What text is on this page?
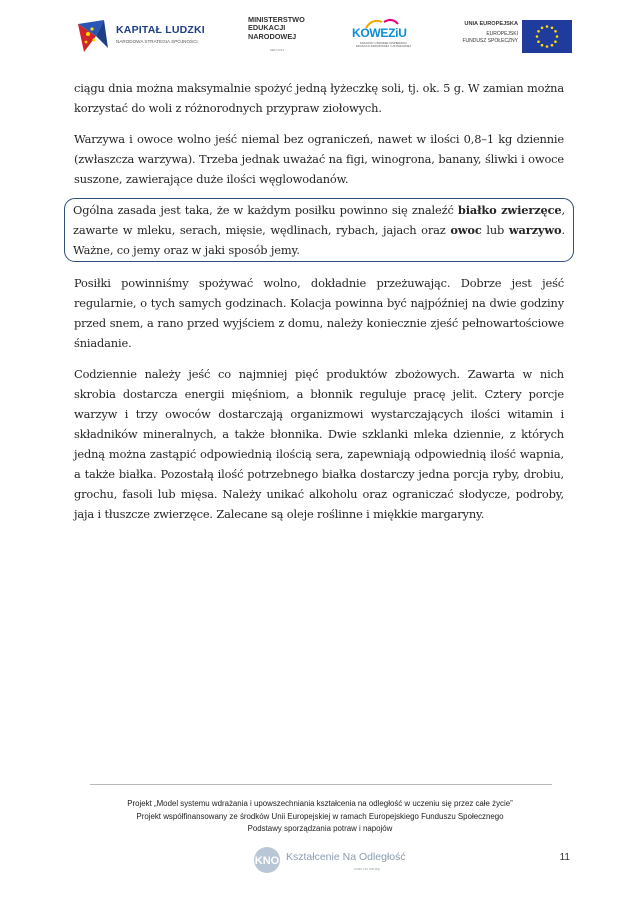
KAPITAŁ LUDZKI
NARODOWA STRATEGIA SPÓJNOŚCI
MINISTERSTWO
EDUKACJI
NARODOWEJ
MEN 2014
KOWEZiU
KRAJOWY OŚRODEK WSPIERANIA
EDUKACJI ZAWODOWEJ I USTAWICZNEJ
UNIA EUROPEJSKA
EUROPEJSKI
FUNDUSZ SPOŁECZNY

ciągu dnia można maksymalnie spożyć jedną łyżeczkę soli, tj. ok. 5 g. W zamian można korzystać do woli z różnorodnych przypraw ziołowych.

Warzywa i owoce wolno jeść niemal bez ograniczeń, nawet w ilości 0,8–1 kg dziennie (zwłaszcza warzywa). Trzeba jednak uważać na figi, winogrona, banany, śliwki i owoce suszone, zawierające duże ilości węglowodanów.

Ogólna zasada jest taka, że w każdym posiłku powinno się znaleźć białko zwierzęce, zawarte w mleku, serach, mięsie, wędlinach, rybach, jajach oraz owoc lub warzywo. Ważne, co jemy oraz w jaki sposób jemy.

Posiłki powinniśmy spożywać wolno, dokładnie przeżuwając. Dobrze jest jeść regularnie, o tych samych godzinach. Kolacja powinna być najpóźniej na dwie godziny przed snem, a rano przed wyjściem z domu, należy koniecznie zjeść pełnowartościowe śniadanie.

Codziennie należy jeść co najmniej pięć produktów zbożowych. Zawarta w nich skrobia dostarcza energii mięśniom, a błonnik reguluje pracę jelit. Cztery porcje warzyw i trzy owoców dostarczają organizmowi wystarczających ilości witamin i składników mineralnych, a także błonnika. Dwie szklanki mleka dziennie, z których jedną można zastąpić odpowiednią ilością sera, zapewniają odpowiednią ilość wapnia, a także białka. Pozostałą ilość potrzebnego białka dostarczy jedna porcja ryby, drobiu, grochu, fasoli lub mięsa. Należy unikać alkoholu oraz ograniczać słodycze, podroby, jaja i tłuszcze zwierzęce. Zalecane są oleje roślinne i miękkie margaryny.

Projekt „Model systemu wdrażania i upowszechniania kształcenia na odległość w uczeniu się przez całe życie”
Projekt współfinansowany ze środków Unii Europejskiej w ramach Europejskiego Funduszu Społecznego
Podstawy sporządzania potraw i napojów
KNO Kształcenie Na Odległość
czas na naukę
11
